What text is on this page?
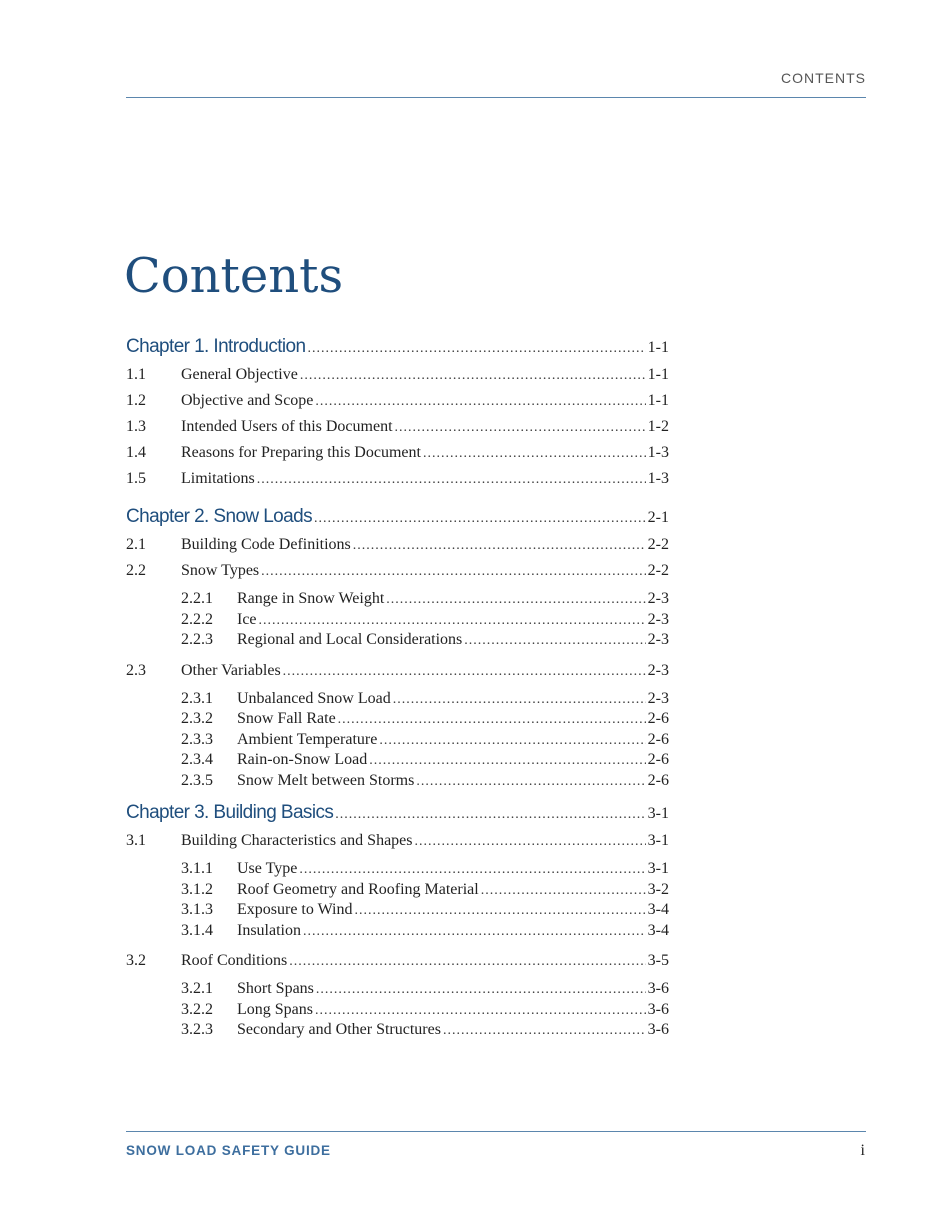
CONTENTS
Contents
Chapter 1. Introduction .....	1-1
1.1	General Objective .....	1-1
1.2	Objective and Scope .....	1-1
1.3	Intended Users of this Document .....	1-2
1.4	Reasons for Preparing this Document .....	1-3
1.5	Limitations .....	1-3
Chapter 2. Snow Loads .....	2-1
2.1	Building Code Definitions .....	2-2
2.2	Snow Types .....	2-2
2.2.1	Range in Snow Weight .....	2-3
2.2.2	Ice .....	2-3
2.2.3	Regional and Local Considerations .....	2-3
2.3	Other Variables .....	2-3
2.3.1	Unbalanced Snow Load .....	2-3
2.3.2	Snow Fall Rate .....	2-6
2.3.3	Ambient Temperature .....	2-6
2.3.4	Rain-on-Snow Load .....	2-6
2.3.5	Snow Melt between Storms .....	2-6
Chapter 3. Building Basics .....	3-1
3.1	Building Characteristics and Shapes .....	3-1
3.1.1	Use Type .....	3-1
3.1.2	Roof Geometry and Roofing Material .....	3-2
3.1.3	Exposure to Wind .....	3-4
3.1.4	Insulation .....	3-4
3.2	Roof Conditions .....	3-5
3.2.1	Short Spans .....	3-6
3.2.2	Long Spans .....	3-6
3.2.3	Secondary and Other Structures .....	3-6
SNOW LOAD SAFETY GUIDE	i
